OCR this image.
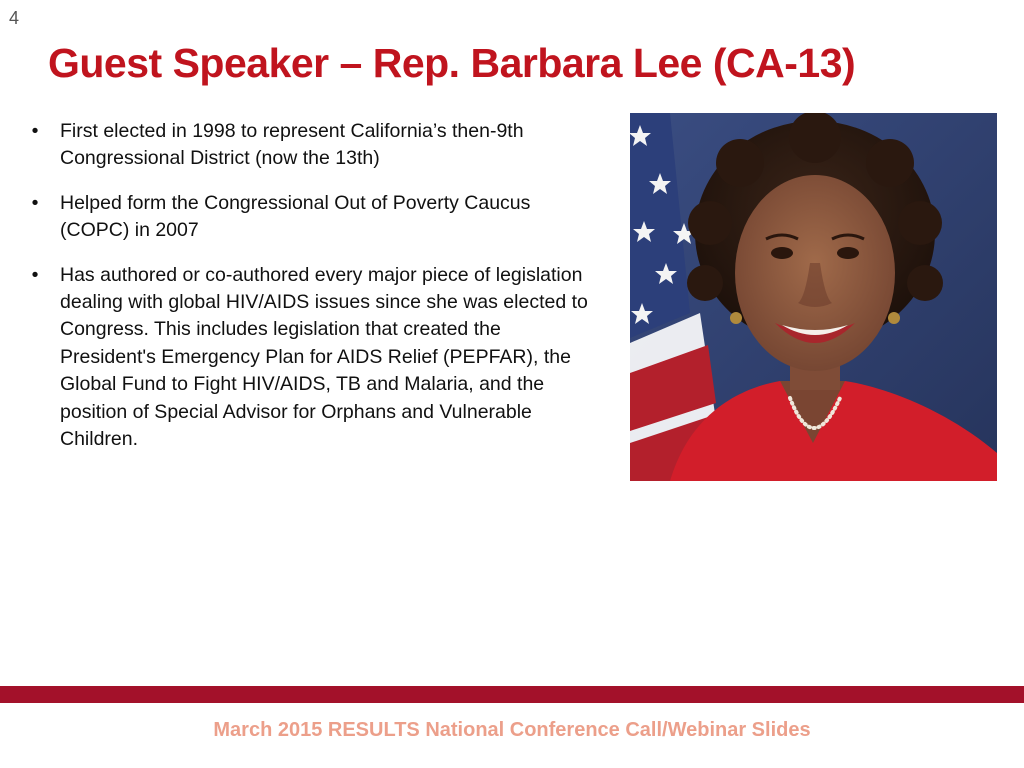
4
Guest Speaker – Rep. Barbara Lee (CA-13)
• First elected in 1998 to represent California’s then-9th Congressional District (now the 13th)
• Helped form the Congressional Out of Poverty Caucus (COPC) in 2007
• Has authored or co-authored every major piece of legislation dealing with global HIV/AIDS issues since she was elected to Congress. This includes legislation that created the President's Emergency Plan for AIDS Relief (PEPFAR), the Global Fund to Fight HIV/AIDS, TB and Malaria, and the position of Special Advisor for Orphans and Vulnerable Children.
March 2015 RESULTS National Conference Call/Webinar Slides
